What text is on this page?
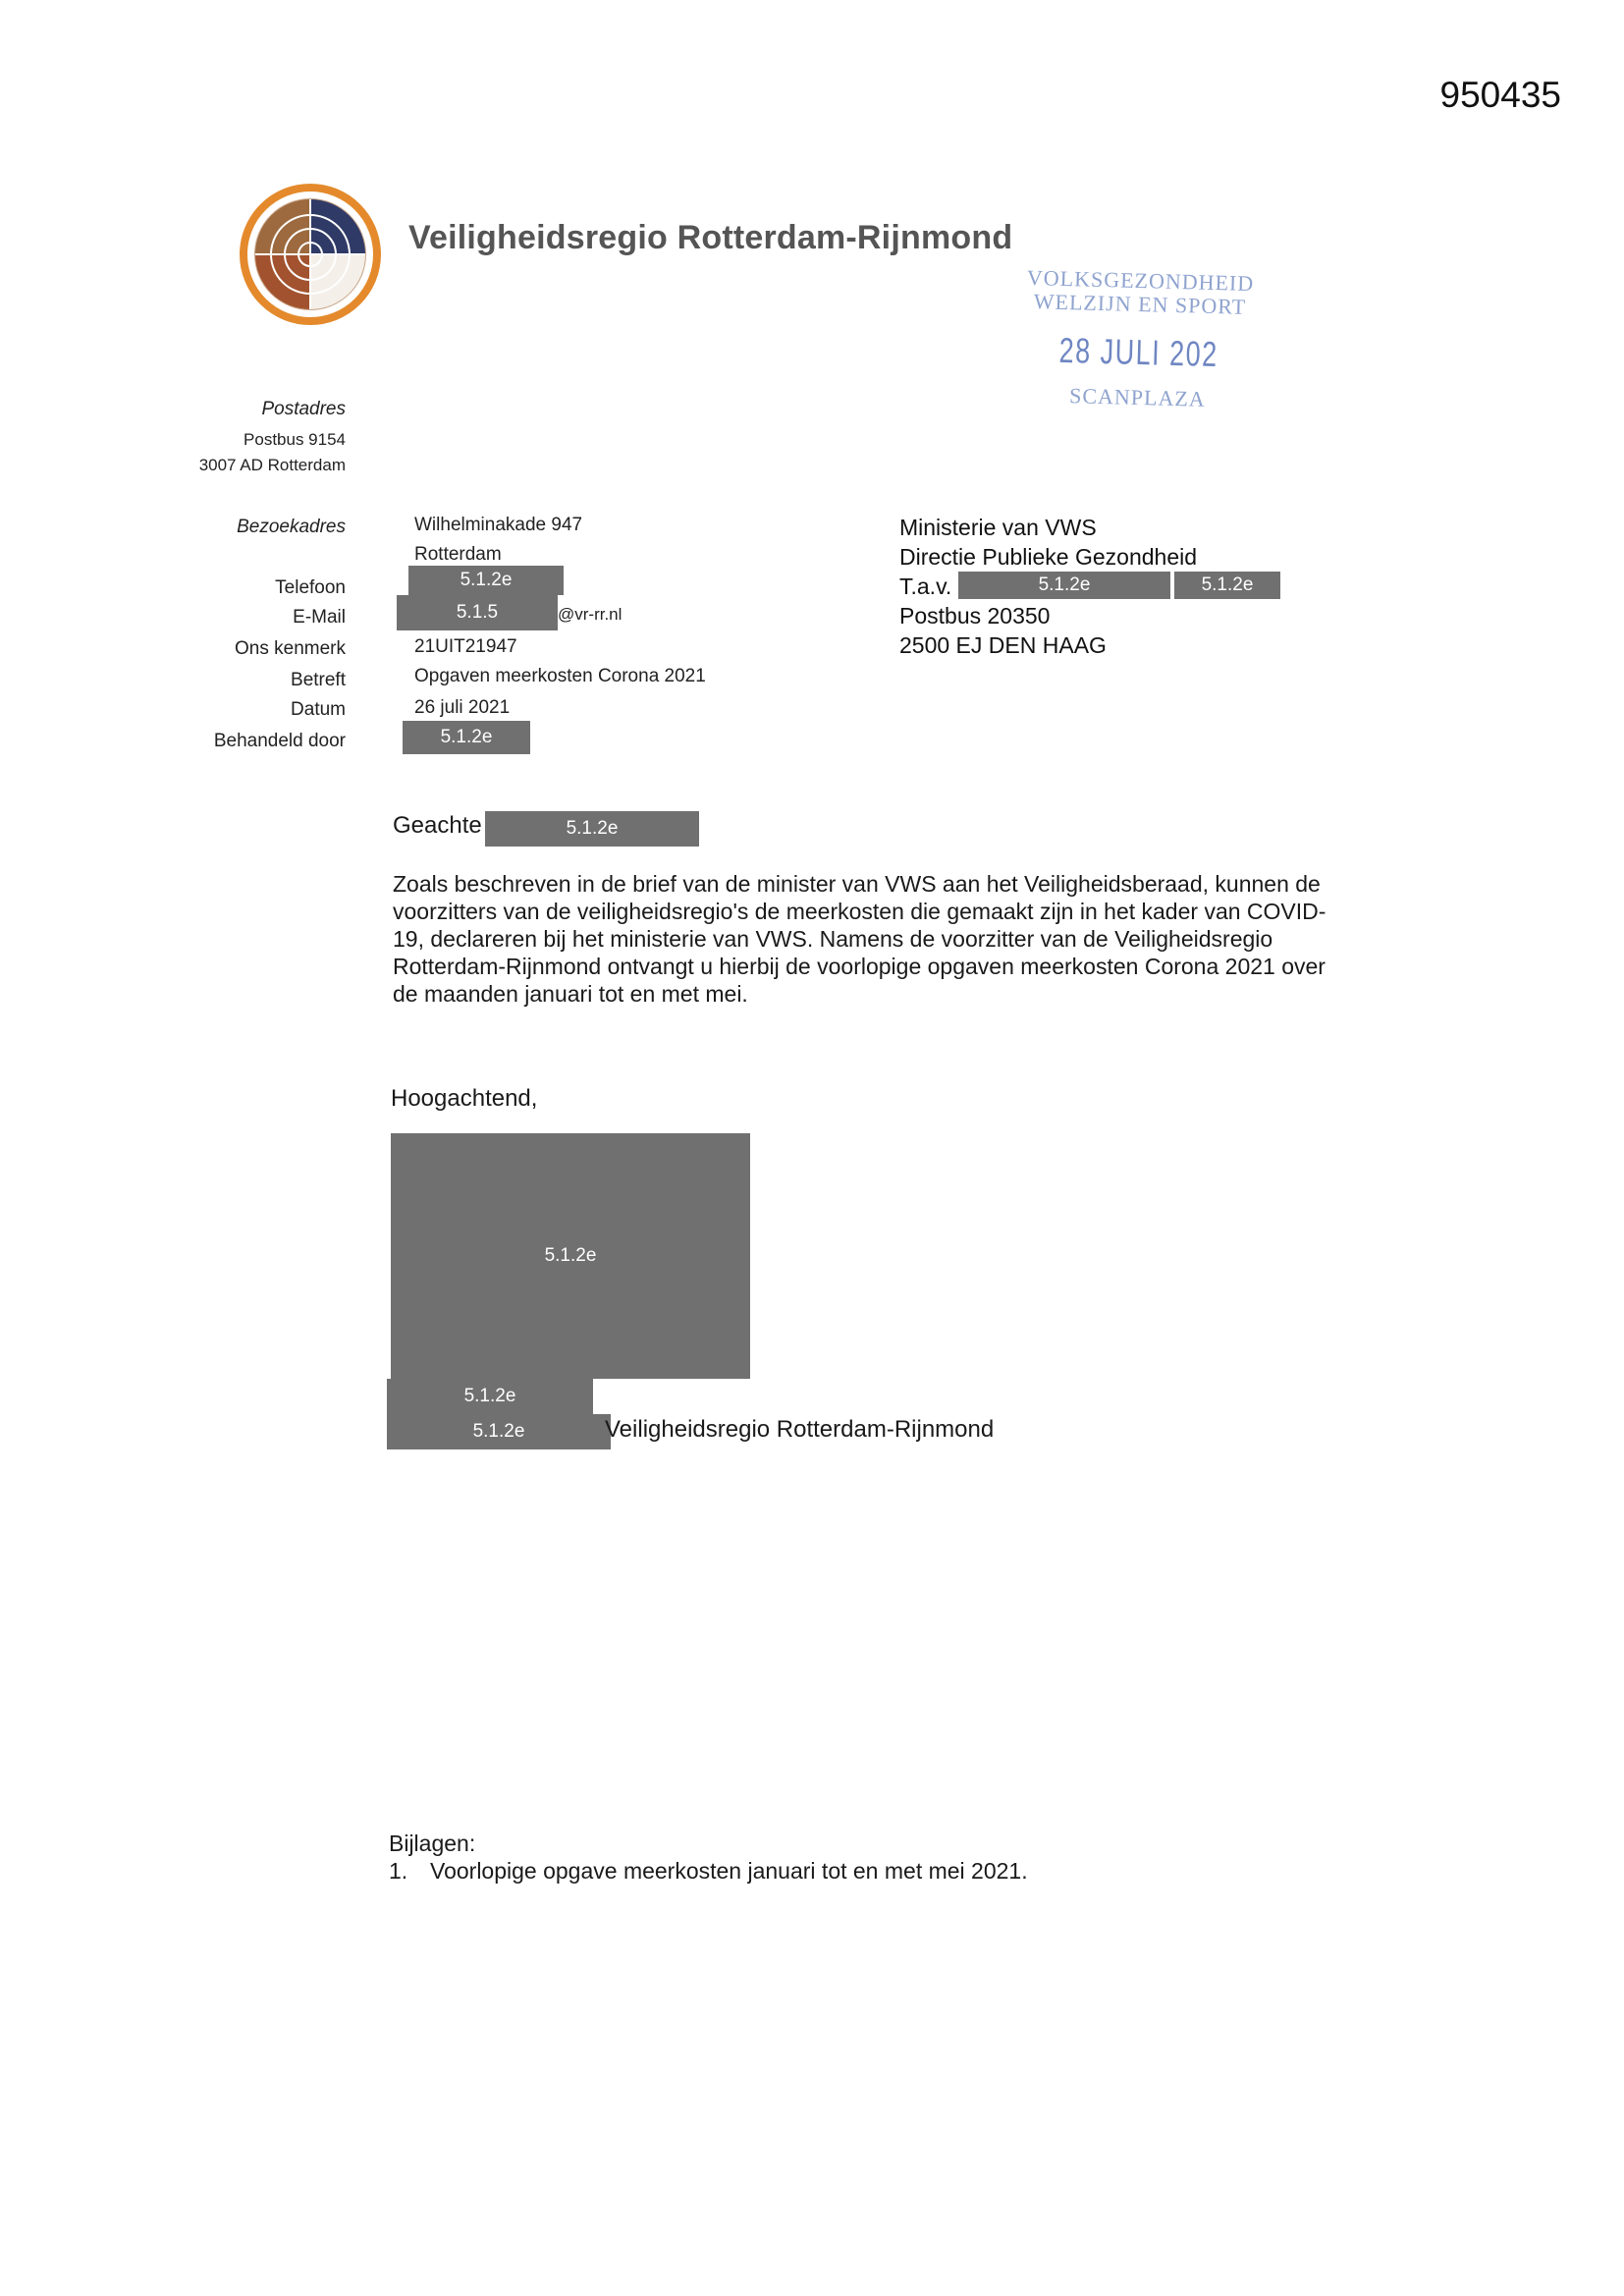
950435
Veiligheidsregio Rotterdam-Rijnmond
VOLKSGEZONDHEID
WELZIJN EN SPORT
28 JULI 202
SCANPLAZA
Postadres
Postbus 9154
3007 AD Rotterdam
Bezoekadres	Wilhelminakade 947
Rotterdam
Telefoon	5.1.2e
E-Mail	5.1.5	@vr-rr.nl
Ons kenmerk	21UIT21947
Betreft	Opgaven meerkosten Corona 2021
Datum	26 juli 2021
Behandeld door	5.1.2e
Ministerie van VWS
Directie Publieke Gezondheid
T.a.v.	5.1.2e	5.1.2e
Postbus 20350
2500 EJ DEN HAAG
Geachte	5.1.2e
Zoals beschreven in de brief van de minister van VWS aan het Veiligheidsberaad, kunnen de
voorzitters van de veiligheidsregio's de meerkosten die gemaakt zijn in het kader van COVID-
19, declareren bij het ministerie van VWS. Namens de voorzitter van de Veiligheidsregio
Rotterdam-Rijnmond ontvangt u hierbij de voorlopige opgaven meerkosten Corona 2021 over
de maanden januari tot en met mei.
Hoogachtend,
5.1.2e
5.1.2e
5.1.2e	Veiligheidsregio Rotterdam-Rijnmond
Bijlagen:
1. Voorlopige opgave meerkosten januari tot en met mei 2021.
